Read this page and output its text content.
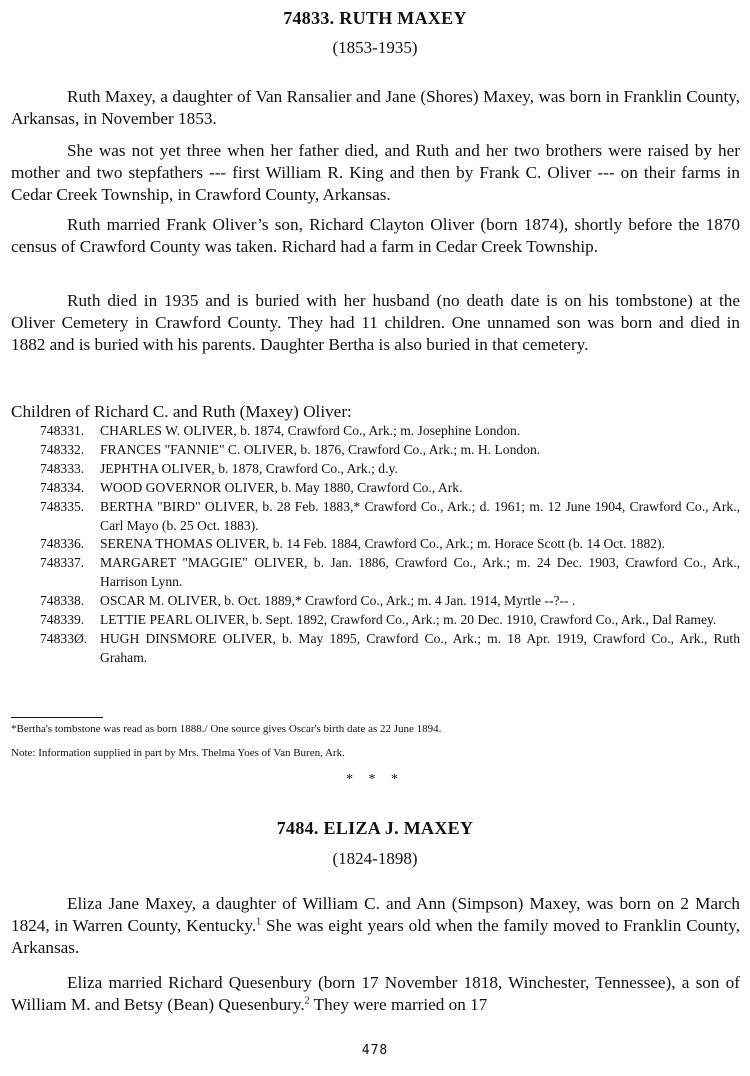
74833. RUTH MAXEY
(1853-1935)
Ruth Maxey, a daughter of Van Ransalier and Jane (Shores) Maxey, was born in Franklin County, Arkansas, in November 1853.
She was not yet three when her father died, and Ruth and her two brothers were raised by her mother and two stepfathers --- first William R. King and then by Frank C. Oliver --- on their farms in Cedar Creek Township, in Crawford County, Arkansas.
Ruth married Frank Oliver’s son, Richard Clayton Oliver (born 1874), shortly before the 1870 census of Crawford County was taken. Richard had a farm in Cedar Creek Township.
Ruth died in 1935 and is buried with her husband (no death date is on his tombstone) at the Oliver Cemetery in Crawford County. They had 11 children. One unnamed son was born and died in 1882 and is buried with his parents. Daughter Bertha is also buried in that cemetery.
Children of Richard C. and Ruth (Maxey) Oliver:
748331.	CHARLES W. OLIVER, b. 1874, Crawford Co., Ark.; m. Josephine London.
748332.	FRANCES "FANNIE" C. OLIVER, b. 1876, Crawford Co., Ark.; m. H. London.
748333.	JEPHTHA OLIVER, b. 1878, Crawford Co., Ark.; d.y.
748334.	WOOD GOVERNOR OLIVER, b. May 1880, Crawford Co., Ark.
748335.	BERTHA "BIRD" OLIVER, b. 28 Feb. 1883,* Crawford Co., Ark.; d. 1961; m. 12 June 1904, Crawford Co., Ark., Carl Mayo (b. 25 Oct. 1883).
748336.	SERENA THOMAS OLIVER, b. 14 Feb. 1884, Crawford Co., Ark.; m. Horace Scott (b. 14 Oct. 1882).
748337.	MARGARET "MAGGIE" OLIVER, b. Jan. 1886, Crawford Co., Ark.; m. 24 Dec. 1903, Crawford Co., Ark., Harrison Lynn.
748338.	OSCAR M. OLIVER, b. Oct. 1889,* Crawford Co., Ark.; m. 4 Jan. 1914, Myrtle --?-- .
748339.	LETTIE PEARL OLIVER, b. Sept. 1892, Crawford Co., Ark.; m. 20 Dec. 1910, Crawford Co., Ark., Dal Ramey.
74833Ø. HUGH DINSMORE OLIVER, b. May 1895, Crawford Co., Ark.; m. 18 Apr. 1919, Crawford Co., Ark., Ruth Graham.
*Bertha's tombstone was read as born 1888./ One source gives Oscar's birth date as 22 June 1894.
Note: Information supplied in part by Mrs. Thelma Yoes of Van Buren, Ark.
* * *
7484. ELIZA J. MAXEY
(1824-1898)
Eliza Jane Maxey, a daughter of William C. and Ann (Simpson) Maxey, was born on 2 March 1824, in Warren County, Kentucky.$^1$ She was eight years old when the family moved to Franklin County, Arkansas.
Eliza married Richard Quesenbury (born 17 November 1818, Winchester, Tennessee), a son of William M. and Betsy (Bean) Quesenbury.$^2$ They were married on 17
478
